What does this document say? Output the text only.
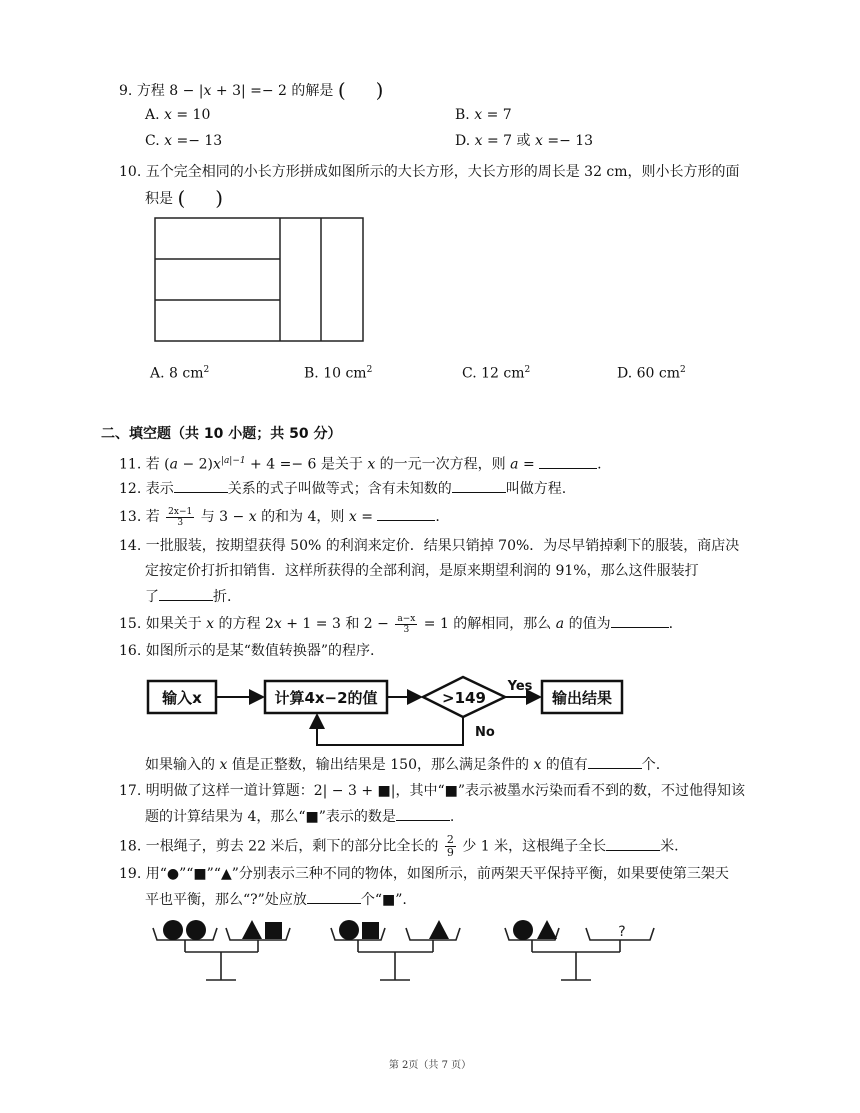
9. 方程 8 − |x + 3| =− 2 的解是 (  )
A. x = 10	B. x = 7
C. x =− 13	D. x = 7 或 x =− 13
10. 五个完全相同的小长方形拼成如图所示的大长方形，大长方形的周长是 32 cm，则小长方形的面
积是 (  )
A. 8 $cm^2$	B. 10 $cm^2$	C. 12 $cm^2$	D. 60 $cm^2$
二、填空题（共 10 小题；共 50 分）
11. 若 $(a - 2)x^{|a|-1} + 4 =- 6$ 是关于 x 的一元一次方程，则 a =	.
12. 表示	关系的式子叫做等式；含有未知数的	叫做方程.
13. 若 $\frac{2x-1}{3}$ 与 3 − x 的和为 4，则 x =	.
14. 一批服装，按期望获得 50% 的利润来定价．结果只销掉 70%．为尽早销掉剩下的服装，商店决
定按定价打折扣销售．这样所获得的全部利润，是原来期望利润的 91%，那么这件服装打
了	折.
15. 如果关于 x 的方程 2x + 1 = 3 和 $2 - \frac{a-x}{3} = 1$ 的解相同，那么 a 的值为	.
16. 如图所示的是某“数值转换器”的程序.
输入x	计算4x−2的值	>149
Yes
输出结果
No
如果输入的 x 值是正整数，输出结果是 150，那么满足条件的 x 的值有	个.
17. 明明做了这样一道计算题：2| − 3 + ■|，其中“■”表示被墨水污染而看不到的数，不过他得知该
题的计算结果为 4，那么“■”表示的数是	.
18. 一根绳子，剪去 22 米后，剩下的部分比全长的 $\frac{2}{9}$ 少 1 米，这根绳子全长	米.
19. 用“●”“■”“▲”分别表示三种不同的物体，如图所示，前两架天平保持平衡，如果要使第三架天
平也平衡，那么“?”处应放	个“■”.
?
第 2页（共 7 页）
